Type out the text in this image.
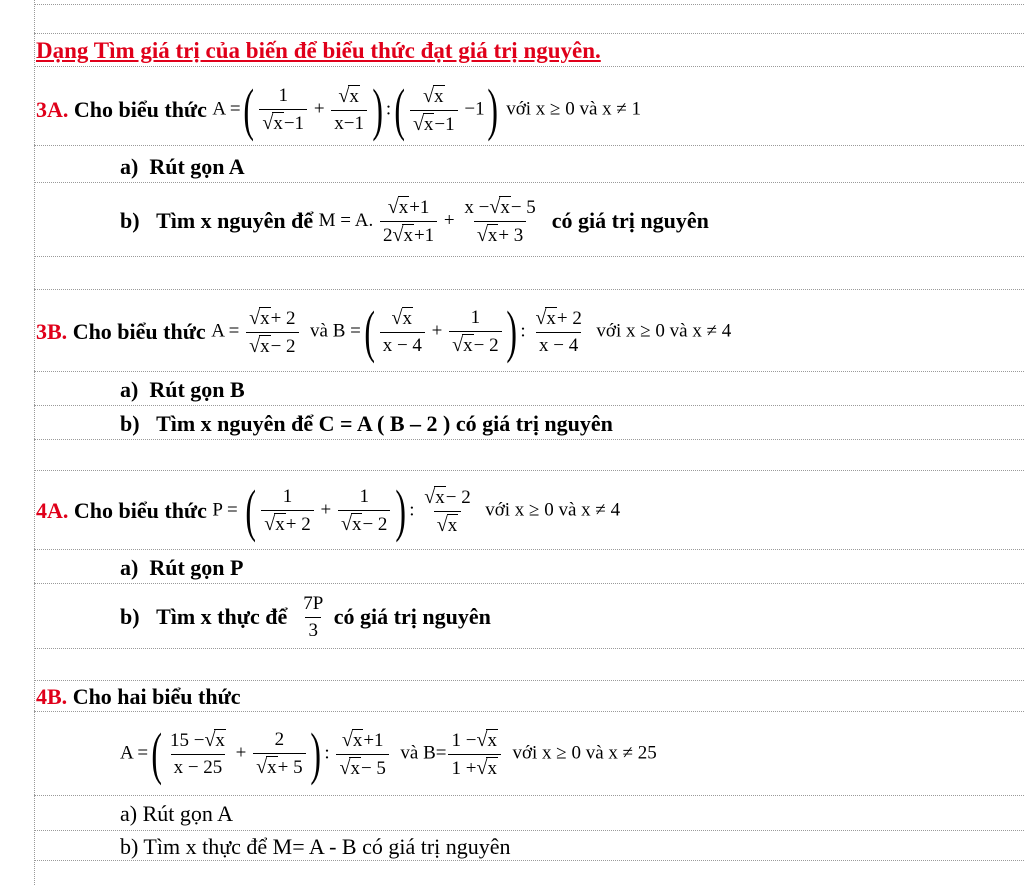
Dạng Tìm giá trị của biến để biểu thức đạt giá trị nguyên.
3A.
Cho biểu thức
A = ( $\frac{1}{√x-1} + \frac{√x}{x-1}$ ) : ( $\frac{√x}{√x-1} -1$ ) với x ≥ 0 và x ≠ 1
a) Rút gọn A
b)
Tìm x nguyên để
M = A. $\frac{√x+1}{2√x+1} + \frac{x -√x- 5}{√x+ 3}$
có giá trị nguyên
3B.
Cho biểu thức
$A = \frac{√x+ 2}{√x- 2}$ và B = ( $\frac{√x}{x - 4} + \frac{1}{√x- 2}$ ) : $\frac{√x+ 2}{x - 4}$ với x ≥ 0 và x ≠ 4
a) Rút gọn B
b) Tìm x nguyên để C = A ( B – 2 ) có giá trị nguyên
4A.
Cho biểu thức
P = ( $\frac{1}{√x+ 2} + \frac{1}{√x- 2}$ ) : $\frac{√x- 2}{√x}$ với x ≥ 0 và x ≠ 4
a) Rút gọn P
b)
Tìm x thực để
$\frac{7P}{3}$
có giá trị nguyên
4B. Cho hai biểu thức
A = ( $\frac{15 -√x}{x - 25} + \frac{2}{√x+ 5}$ ) : $\frac{√x+1}{√x- 5}$ và $B= \frac{1 -√x}{1 +√x}$ với x ≥ 0 và x ≠ 25
a) Rút gọn A
b) Tìm x thực để M= A - B có giá trị nguyên
